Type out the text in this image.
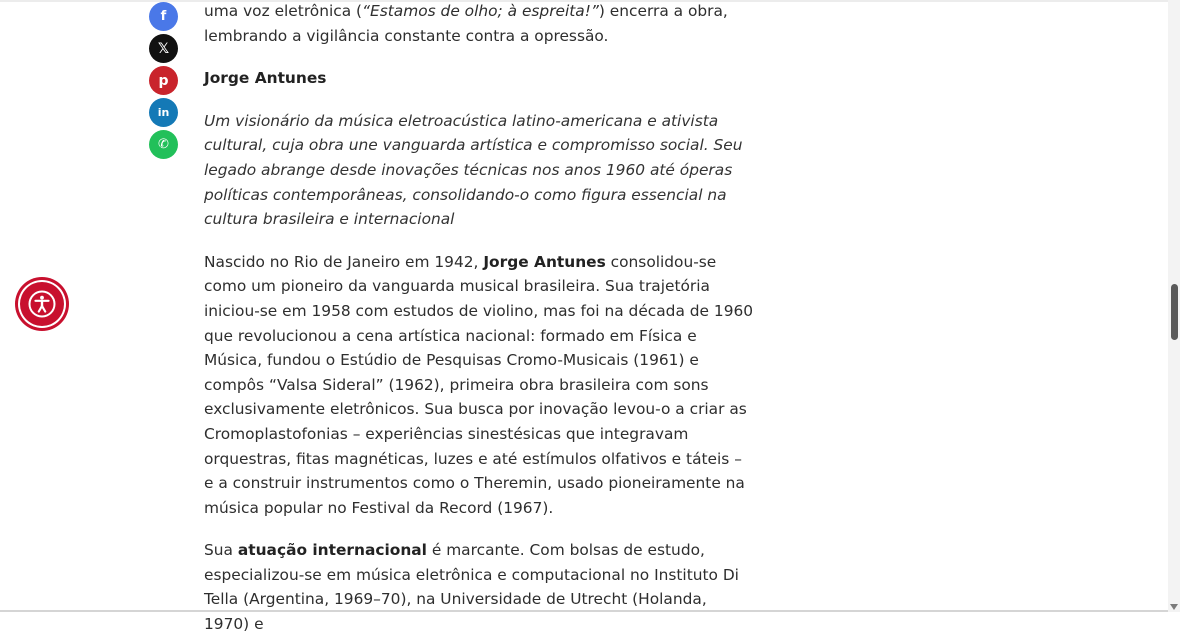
f
𝕏
p
in
✆

uma voz eletrônica (“Estamos de olho; à espreita!”) encerra a obra, lembrando a vigilância constante contra a opressão.

Jorge Antunes

Um visionário da música eletroacústica latino-americana e ativista cultural, cuja obra une vanguarda artística e compromisso social. Seu legado abrange desde inovações técnicas nos anos 1960 até óperas políticas contemporâneas, consolidando-o como figura essencial na cultura brasileira e internacional

Nascido no Rio de Janeiro em 1942, Jorge Antunes consolidou-se como um pioneiro da vanguarda musical brasileira. Sua trajetória iniciou-se em 1958 com estudos de violino, mas foi na década de 1960 que revolucionou a cena artística nacional: formado em Física e Música, fundou o Estúdio de Pesquisas Cromo-Musicais (1961) e compôs “Valsa Sideral” (1962), primeira obra brasileira com sons exclusivamente eletrônicos. Sua busca por inovação levou-o a criar as Cromoplastofonias – experiências sinestésicas que integravam orquestras, fitas magnéticas, luzes e até estímulos olfativos e táteis – e a construir instrumentos como o Theremin, usado pioneiramente na música popular no Festival da Record (1967).

Sua atuação internacional é marcante. Com bolsas de estudo, especializou-se em música eletrônica e computacional no Instituto Di Tella (Argentina, 1969–70), na Universidade de Utrecht (Holanda, 1970) e
